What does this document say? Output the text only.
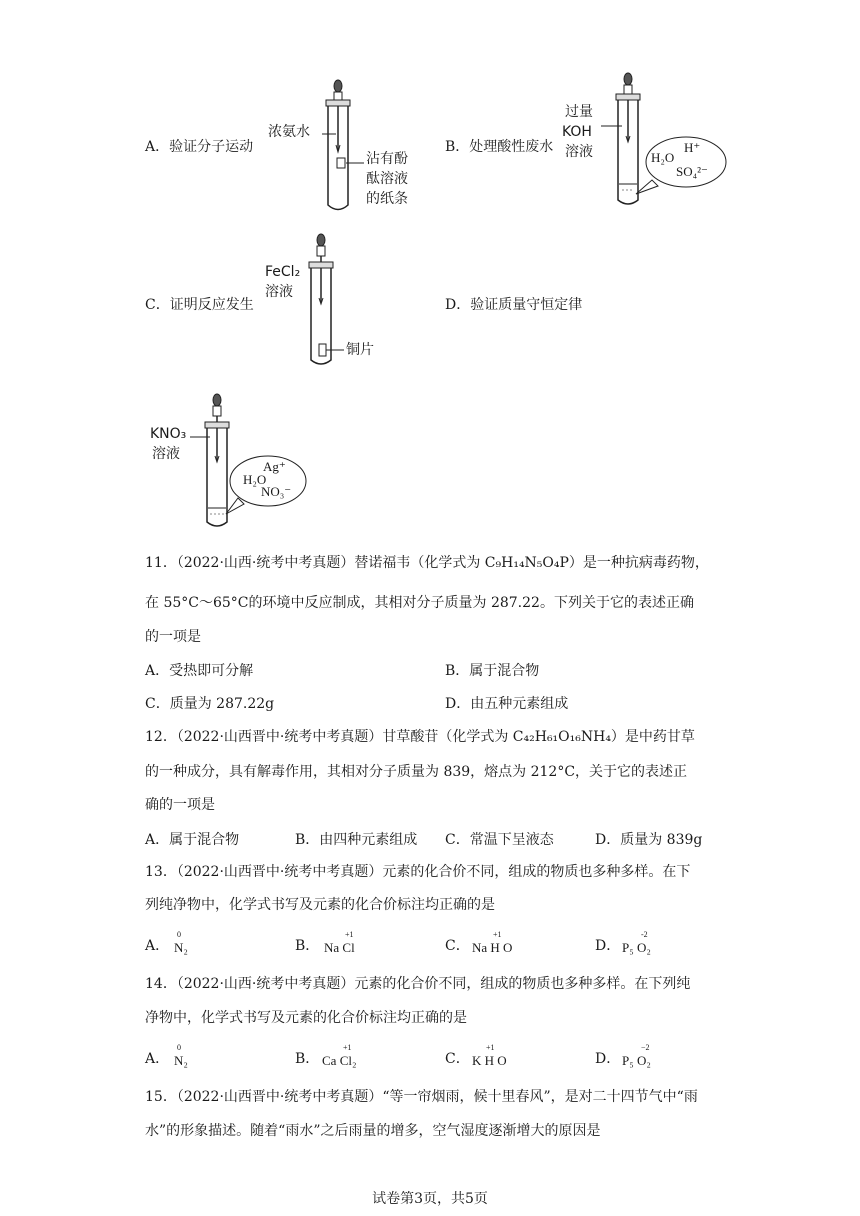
A．验证分子运动	B．处理酸性废水
C．证明反应发生	D．验证质量守恒定律
浓氨水
沾有酚
酞溶液
的纸条
过量
KOH
溶液	H₂O
H⁺
SO₄²⁻
FeCl₂
溶液
铜片
KNO₃
溶液
Ag⁺
H₂O
NO₃⁻
11．（2022·山西·统考中考真题）替诺福韦（化学式为 C₉H₁₄N₅O₄P）是一种抗病毒药物，
在 55°C～65°C的环境中反应制成，其相对分子质量为 287.22。下列关于它的表述正确
的一项是
A．受热即可分解	B．属于混合物
C．质量为 287.22g	D．由五种元素组成
12．（2022·山西晋中·统考中考真题）甘草酸苷（化学式为 C₄₂H₆₁O₁₆NH₄）是中药甘草
的一种成分，具有解毒作用，其相对分子质量为 839，熔点为 212°C，关于它的表述正
确的一项是
A．属于混合物	B．由四种元素组成 C．常温下呈液态	D．质量为 839g
13．（2022·山西晋中·统考中考真题）元素的化合价不同，组成的物质也多种多样。在下
列纯净物中，化学式书写及元素的化合价标注均正确的是
A．
0
N₂	B．
+1
Na Cl	C．
+1
Na H O	D．
-2
P₅ O₂
14．（2022·山西·统考中考真题）元素的化合价不同，组成的物质也多种多样。在下列纯
净物中，化学式书写及元素的化合价标注均正确的是
A．
0
N₂	B．
+1
Ca Cl₂	C．
+1
K H O	D．
−2
P₅ O₂
15．（2022·山西晋中·统考中考真题）“等一帘烟雨，候十里春风”，是对二十四节气中“雨
水”的形象描述。随着“雨水”之后雨量的增多，空气湿度逐渐增大的原因是
试卷第3页，共5页
